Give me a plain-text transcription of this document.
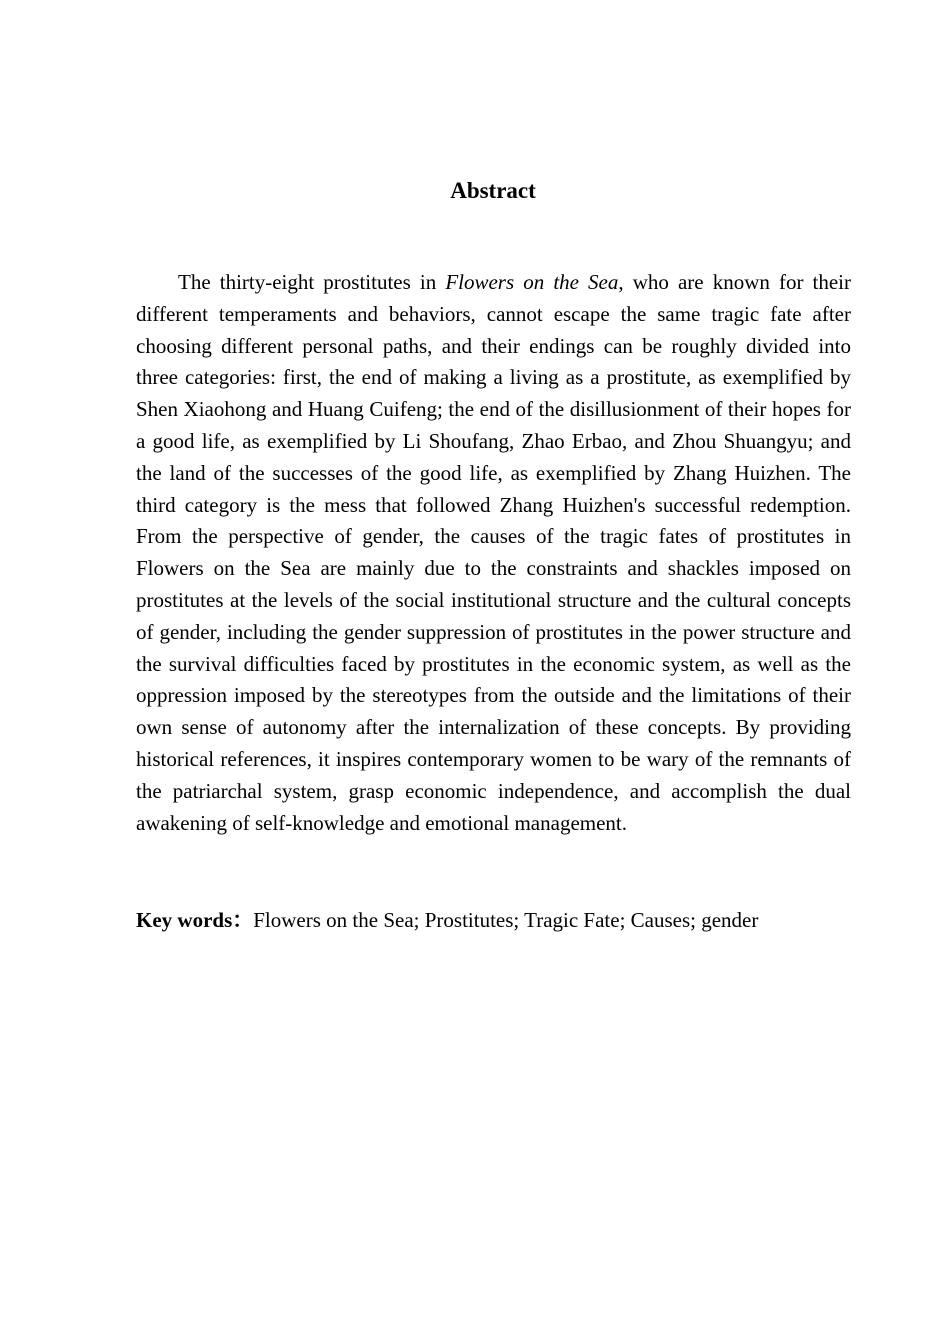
Abstract

The thirty-eight prostitutes in Flowers on the Sea, who are known for their different temperaments and behaviors, cannot escape the same tragic fate after choosing different personal paths, and their endings can be roughly divided into three categories: first, the end of making a living as a prostitute, as exemplified by Shen Xiaohong and Huang Cuifeng; the end of the disillusionment of their hopes for a good life, as exemplified by Li Shoufang, Zhao Erbao, and Zhou Shuangyu; and the land of the successes of the good life, as exemplified by Zhang Huizhen. The third category is the mess that followed Zhang Huizhen's successful redemption. From the perspective of gender, the causes of the tragic fates of prostitutes in Flowers on the Sea are mainly due to the constraints and shackles imposed on prostitutes at the levels of the social institutional structure and the cultural concepts of gender, including the gender suppression of prostitutes in the power structure and the survival difficulties faced by prostitutes in the economic system, as well as the oppression imposed by the stereotypes from the outside and the limitations of their own sense of autonomy after the internalization of these concepts. By providing historical references, it inspires contemporary women to be wary of the remnants of the patriarchal system, grasp economic independence, and accomplish the dual awakening of self-knowledge and emotional management.

Key words：Flowers on the Sea; Prostitutes; Tragic Fate; Causes; gender
